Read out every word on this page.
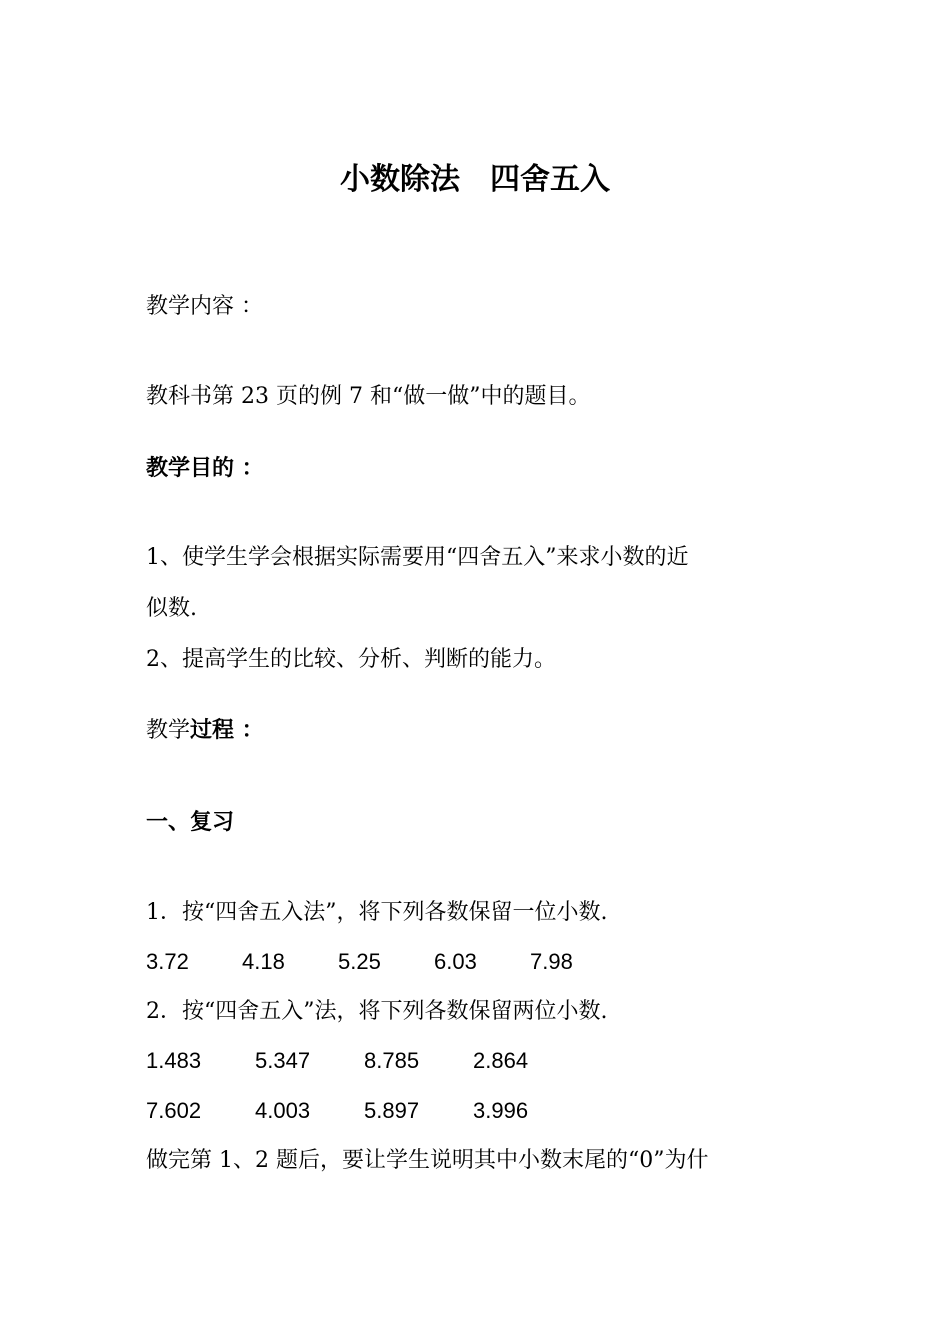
小数除法　四舍五入
教学内容 ：
教科书第 23 页的例 7 和“做一做”中的题目。
教学目的 ：
1、使学生学会根据实际需要用“四舍五入”来求小数的近
似数.
2、提高学生的比较、分析、判断的能力。
教学过程 ：
一、复习
1．按“四舍五入法”，将下列各数保留一位小数.
3.72 4.18 5.25 6.03 7.98
2．按“四舍五入”法，将下列各数保留两位小数.
1.483 5.347 8.785 2.864
7.602 4.003 5.897 3.996
做完第 1、2 题后，要让学生说明其中小数末尾的“0”为什
